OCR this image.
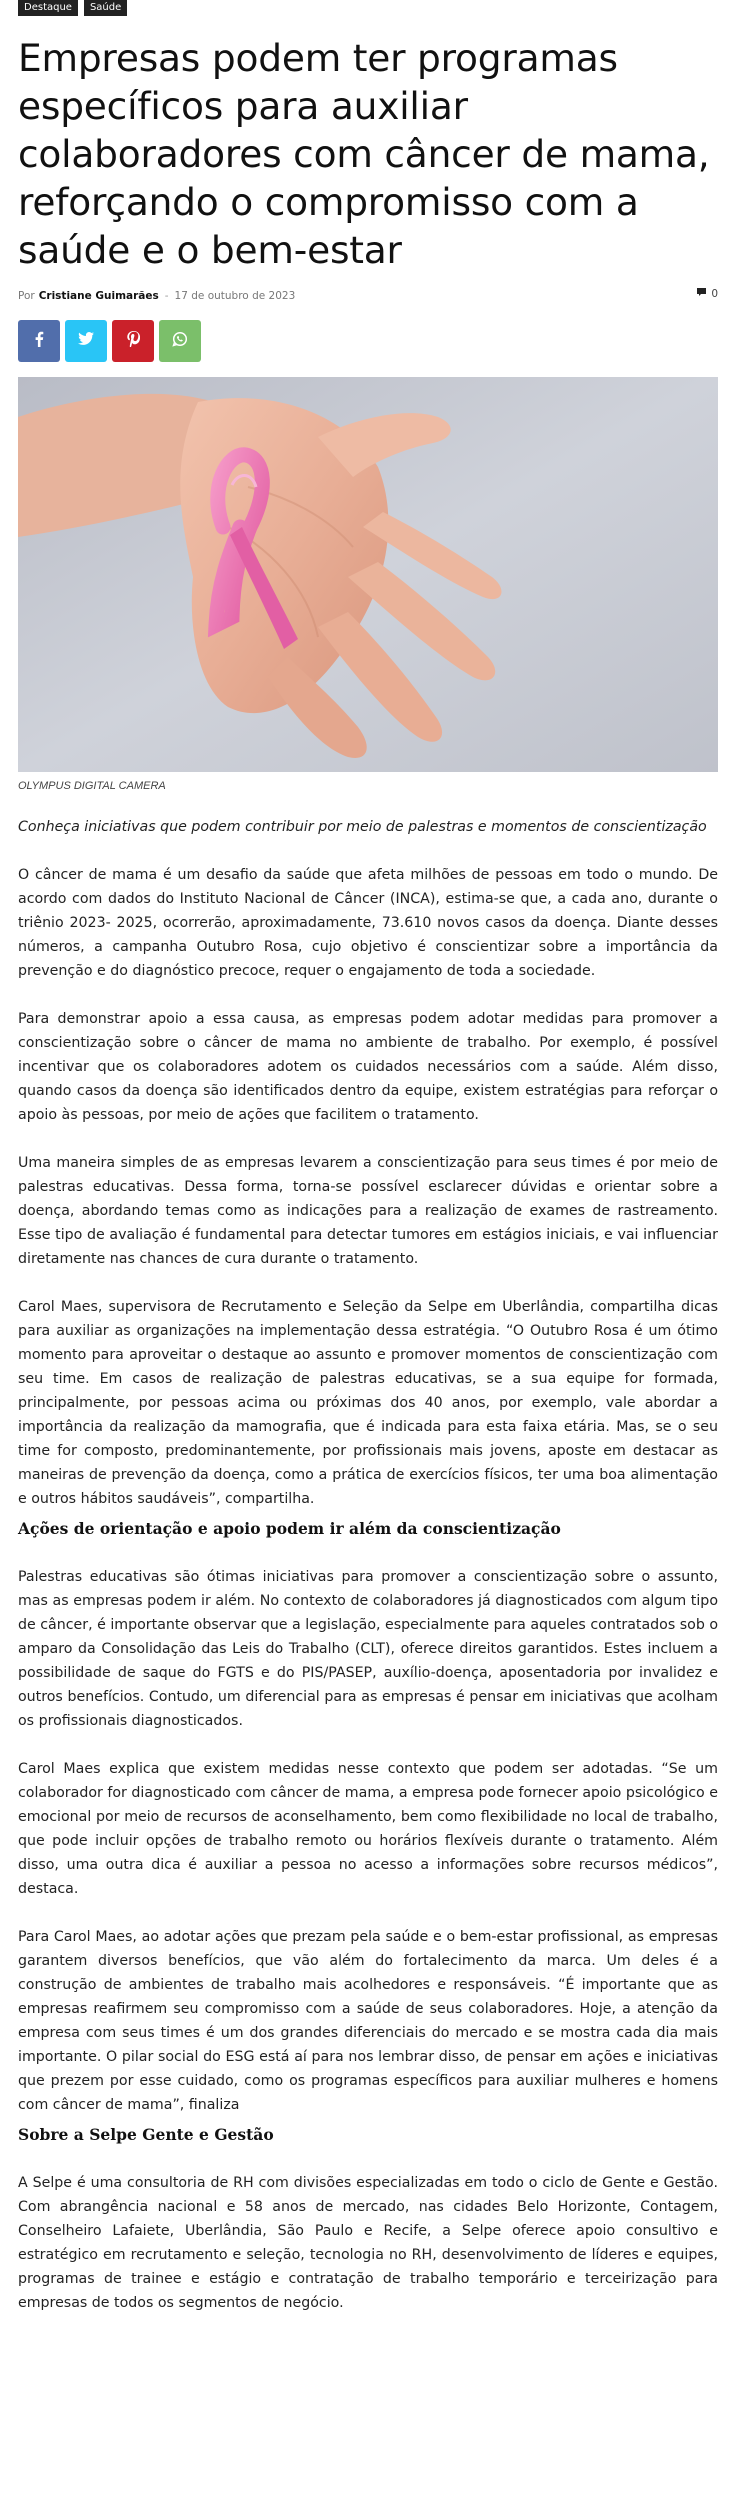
Destaque	Saúde
Empresas podem ter programas específicos para auxiliar colaboradores com câncer de mama, reforçando o compromisso com a saúde e o bem-estar
Por Cristiane Guimarães - 17 de outubro de 2023	0
OLYMPUS DIGITAL CAMERA

Conheça iniciativas que podem contribuir por meio de palestras e momentos de conscientização

O câncer de mama é um desafio da saúde que afeta milhões de pessoas em todo o mundo. De acordo com dados do Instituto Nacional de Câncer (INCA), estima-se que, a cada ano, durante o triênio 2023- 2025, ocorrerão, aproximadamente, 73.610 novos casos da doença. Diante desses números, a campanha Outubro Rosa, cujo objetivo é conscientizar sobre a importância da prevenção e do diagnóstico precoce, requer o engajamento de toda a sociedade.

Para demonstrar apoio a essa causa, as empresas podem adotar medidas para promover a conscientização sobre o câncer de mama no ambiente de trabalho. Por exemplo, é possível incentivar que os colaboradores adotem os cuidados necessários com a saúde. Além disso, quando casos da doença são identificados dentro da equipe, existem estratégias para reforçar o apoio às pessoas, por meio de ações que facilitem o tratamento.

Uma maneira simples de as empresas levarem a conscientização para seus times é por meio de palestras educativas. Dessa forma, torna-se possível esclarecer dúvidas e orientar sobre a doença, abordando temas como as indicações para a realização de exames de rastreamento. Esse tipo de avaliação é fundamental para detectar tumores em estágios iniciais, e vai influenciar diretamente nas chances de cura durante o tratamento.

Carol Maes, supervisora de Recrutamento e Seleção da Selpe em Uberlândia, compartilha dicas para auxiliar as organizações na implementação dessa estratégia. “O Outubro Rosa é um ótimo momento para aproveitar o destaque ao assunto e promover momentos de conscientização com seu time. Em casos de realização de palestras educativas, se a sua equipe for formada, principalmente, por pessoas acima ou próximas dos 40 anos, por exemplo, vale abordar a importância da realização da mamografia, que é indicada para esta faixa etária. Mas, se o seu time for composto, predominantemente, por profissionais mais jovens, aposte em destacar as maneiras de prevenção da doença, como a prática de exercícios físicos, ter uma boa alimentação e outros hábitos saudáveis”, compartilha.

Ações de orientação e apoio podem ir além da conscientização

Palestras educativas são ótimas iniciativas para promover a conscientização sobre o assunto, mas as empresas podem ir além. No contexto de colaboradores já diagnosticados com algum tipo de câncer, é importante observar que a legislação, especialmente para aqueles contratados sob o amparo da Consolidação das Leis do Trabalho (CLT), oferece direitos garantidos. Estes incluem a possibilidade de saque do FGTS e do PIS/PASEP, auxílio-doença, aposentadoria por invalidez e outros benefícios. Contudo, um diferencial para as empresas é pensar em iniciativas que acolham os profissionais diagnosticados.

Carol Maes explica que existem medidas nesse contexto que podem ser adotadas. “Se um colaborador for diagnosticado com câncer de mama, a empresa pode fornecer apoio psicológico e emocional por meio de recursos de aconselhamento, bem como flexibilidade no local de trabalho, que pode incluir opções de trabalho remoto ou horários flexíveis durante o tratamento. Além disso, uma outra dica é auxiliar a pessoa no acesso a informações sobre recursos médicos”, destaca.

Para Carol Maes, ao adotar ações que prezam pela saúde e o bem-estar profissional, as empresas garantem diversos benefícios, que vão além do fortalecimento da marca. Um deles é a construção de ambientes de trabalho mais acolhedores e responsáveis. “É importante que as empresas reafirmem seu compromisso com a saúde de seus colaboradores. Hoje, a atenção da empresa com seus times é um dos grandes diferenciais do mercado e se mostra cada dia mais importante. O pilar social do ESG está aí para nos lembrar disso, de pensar em ações e iniciativas que prezem por esse cuidado, como os programas específicos para auxiliar mulheres e homens com câncer de mama”, finaliza

Sobre a Selpe Gente e Gestão

A Selpe é uma consultoria de RH com divisões especializadas em todo o ciclo de Gente e Gestão. Com abrangência nacional e 58 anos de mercado, nas cidades Belo Horizonte, Contagem, Conselheiro Lafaiete, Uberlândia, São Paulo e Recife, a Selpe oferece apoio consultivo e estratégico em recrutamento e seleção, tecnologia no RH, desenvolvimento de líderes e equipes, programas de trainee e estágio e contratação de trabalho temporário e terceirização para empresas de todos os segmentos de negócio.
